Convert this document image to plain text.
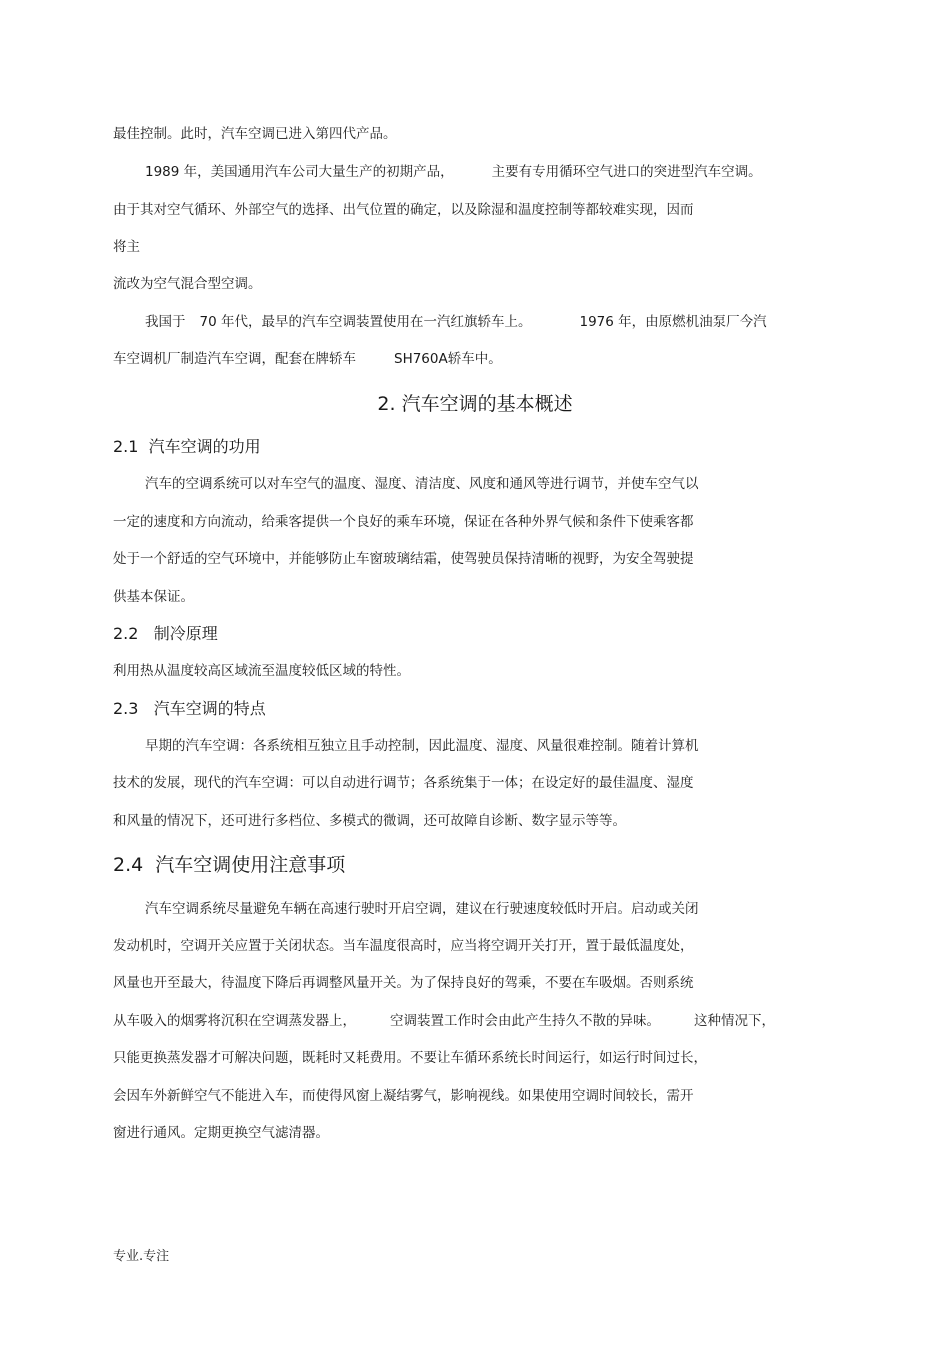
最佳控制。此时，汽车空调已进入第四代产品。

1989 年，美国通用汽车公司大量生产的初期产品，	主要有专用循环空气进口的突进型汽车空调。

由于其对空气循环、外部空气的选择、出气位置的确定，以及除湿和温度控制等都较难实现，因而

将主

流改为空气混合型空调。

我国于 70 年代，最早的汽车空调装置使用在一汽红旗轿车上。	1976 年，由原燃机油泵厂今汽

车空调机厂制造汽车空调，配套在牌轿车	SH760A轿车中。

2. 汽车空调的基本概述
2.1  汽车空调的功用

汽车的空调系统可以对车空气的温度、湿度、清洁度、风度和通风等进行调节，并使车空气以

一定的速度和方向流动，给乘客提供一个良好的乘车环境，保证在各种外界气候和条件下使乘客都

处于一个舒适的空气环境中，并能够防止车窗玻璃结霜，使驾驶员保持清晰的视野，为安全驾驶提

供基本保证。

2.2   制冷原理

利用热从温度较高区域流至温度较低区域的特性。

2.3   汽车空调的特点

早期的汽车空调：各系统相互独立且手动控制，因此温度、湿度、风量很难控制。随着计算机

技术的发展，现代的汽车空调：可以自动进行调节；各系统集于一体；在设定好的最佳温度、湿度

和风量的情况下，还可进行多档位、多模式的微调，还可故障自诊断、数字显示等等。

2.4  汽车空调使用注意事项

汽车空调系统尽量避免车辆在高速行驶时开启空调，建议在行驶速度较低时开启。启动或关闭

发动机时，空调开关应置于关闭状态。当车温度很高时，应当将空调开关打开，置于最低温度处，

风量也开至最大，待温度下降后再调整风量开关。为了保持良好的驾乘，不要在车吸烟。否则系统

从车吸入的烟雾将沉积在空调蒸发器上，	空调装置工作时会由此产生持久不散的异味。	这种情况下，

只能更换蒸发器才可解决问题，既耗时又耗费用。不要让车循环系统长时间运行，如运行时间过长，

会因车外新鲜空气不能进入车，而使得风窗上凝结雾气，影响视线。如果使用空调时间较长，需开

窗进行通风。定期更换空气滤清器。

专业.专注
